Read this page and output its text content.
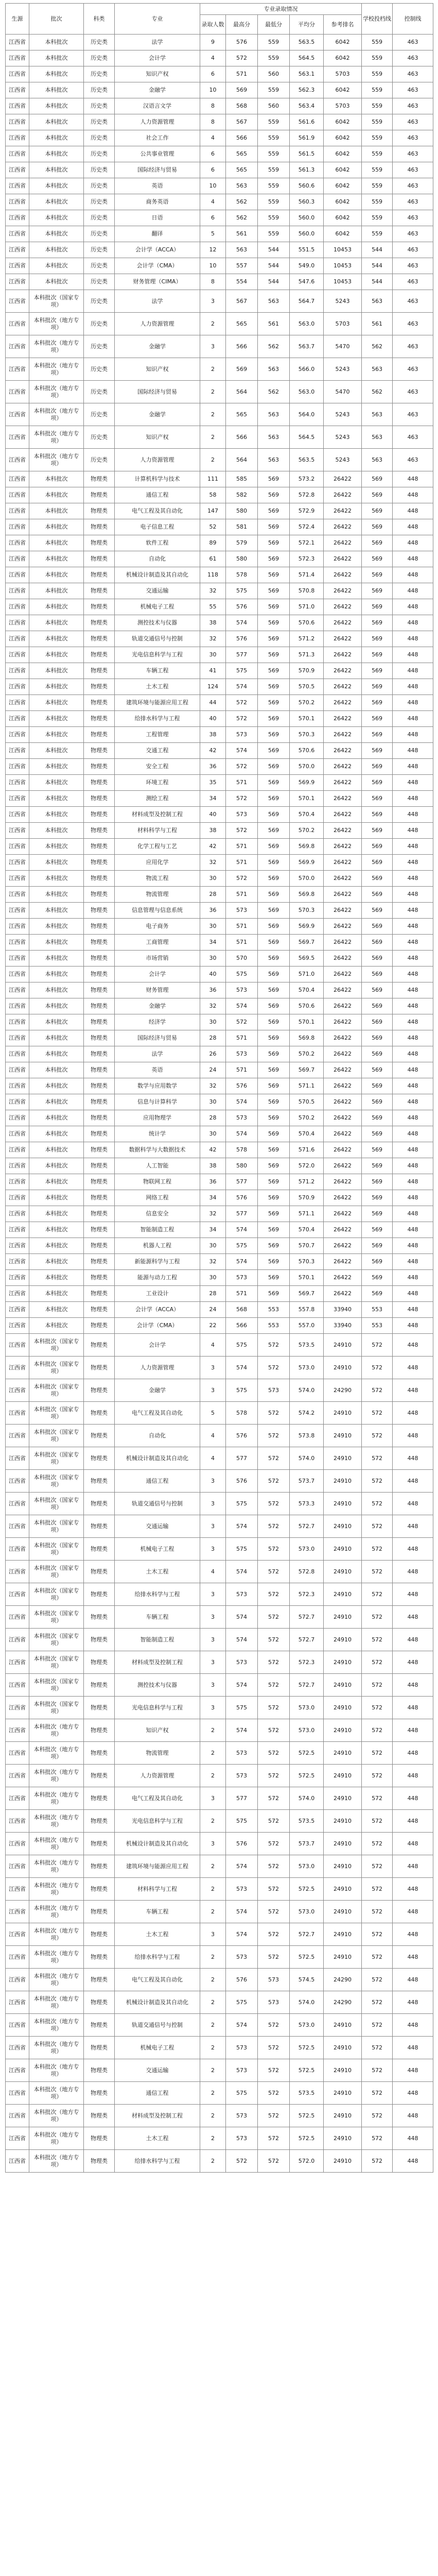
生源	批次	科类	专业	专业录取情况					学校投档线	控制线
				录取人数	最高分	最低分	平均分	参考排名		
江西省	本科批次	历史类	法学	9	576	559	563.5	6042	559	463
江西省	本科批次	历史类	会计学	4	572	559	564.5	6042	559	463
江西省	本科批次	历史类	知识产权	6	571	560	563.1	5703	559	463
江西省	本科批次	历史类	金融学	10	569	559	562.3	6042	559	463
江西省	本科批次	历史类	汉语言文学	8	568	560	563.4	5703	559	463
江西省	本科批次	历史类	人力资源管理	8	567	559	561.6	6042	559	463
江西省	本科批次	历史类	社会工作	4	566	559	561.9	6042	559	463
江西省	本科批次	历史类	公共事业管理	6	565	559	561.5	6042	559	463
江西省	本科批次	历史类	国际经济与贸易	6	565	559	561.3	6042	559	463
江西省	本科批次	历史类	英语	10	563	559	560.6	6042	559	463
江西省	本科批次	历史类	商务英语	4	562	559	560.3	6042	559	463
江西省	本科批次	历史类	日语	6	562	559	560.0	6042	559	463
江西省	本科批次	历史类	翻译	5	561	559	560.0	6042	559	463
江西省	本科批次	历史类	会计学（ACCA）	12	563	544	551.5	10453	544	463
江西省	本科批次	历史类	会计学（CMA）	10	557	544	549.0	10453	544	463
江西省	本科批次	历史类	财务管理（CIMA）	8	554	544	547.6	10453	544	463
江西省	本科批次（国家专项）	历史类	法学	3	567	563	564.7	5243	563	463
江西省	本科批次（地方专项）	历史类	人力资源管理	2	565	561	563.0	5703	561	463
江西省	本科批次（地方专项）	历史类	金融学	3	566	562	563.7	5470	562	463
江西省	本科批次（地方专项）	历史类	知识产权	2	569	563	566.0	5243	563	463
江西省	本科批次（地方专项）	历史类	国际经济与贸易	2	564	562	563.0	5470	562	463
江西省	本科批次（地方专项）	历史类	金融学	2	565	563	564.0	5243	563	463
江西省	本科批次（地方专项）	历史类	知识产权	2	566	563	564.5	5243	563	463
江西省	本科批次（地方专项）	历史类	人力资源管理	2	564	563	563.5	5243	563	463
江西省	本科批次	物理类	计算机科学与技术	111	585	569	573.2	26422	569	448
江西省	本科批次	物理类	通信工程	58	582	569	572.8	26422	569	448
江西省	本科批次	物理类	电气工程及其自动化	147	580	569	572.9	26422	569	448
江西省	本科批次	物理类	电子信息工程	52	581	569	572.4	26422	569	448
江西省	本科批次	物理类	软件工程	89	579	569	572.1	26422	569	448
江西省	本科批次	物理类	自动化	61	580	569	572.3	26422	569	448
江西省	本科批次	物理类	机械设计制造及其自动化	118	578	569	571.4	26422	569	448
江西省	本科批次	物理类	交通运输	32	575	569	570.8	26422	569	448
江西省	本科批次	物理类	机械电子工程	55	576	569	571.0	26422	569	448
江西省	本科批次	物理类	测控技术与仪器	38	574	569	570.6	26422	569	448
江西省	本科批次	物理类	轨道交通信号与控制	32	576	569	571.2	26422	569	448
江西省	本科批次	物理类	光电信息科学与工程	30	577	569	571.3	26422	569	448
江西省	本科批次	物理类	车辆工程	41	575	569	570.9	26422	569	448
江西省	本科批次	物理类	土木工程	124	574	569	570.5	26422	569	448
江西省	本科批次	物理类	建筑环境与能源应用工程	44	572	569	570.2	26422	569	448
江西省	本科批次	物理类	给排水科学与工程	40	572	569	570.1	26422	569	448
江西省	本科批次	物理类	工程管理	38	573	569	570.3	26422	569	448
江西省	本科批次	物理类	交通工程	42	574	569	570.6	26422	569	448
江西省	本科批次	物理类	安全工程	36	572	569	570.0	26422	569	448
江西省	本科批次	物理类	环境工程	35	571	569	569.9	26422	569	448
江西省	本科批次	物理类	测绘工程	34	572	569	570.1	26422	569	448
江西省	本科批次	物理类	材料成型及控制工程	40	573	569	570.4	26422	569	448
江西省	本科批次	物理类	材料科学与工程	38	572	569	570.2	26422	569	448
江西省	本科批次	物理类	化学工程与工艺	42	571	569	569.8	26422	569	448
江西省	本科批次	物理类	应用化学	32	571	569	569.9	26422	569	448
江西省	本科批次	物理类	物流工程	30	572	569	570.0	26422	569	448
江西省	本科批次	物理类	物流管理	28	571	569	569.8	26422	569	448
江西省	本科批次	物理类	信息管理与信息系统	36	573	569	570.3	26422	569	448
江西省	本科批次	物理类	电子商务	30	571	569	569.9	26422	569	448
江西省	本科批次	物理类	工商管理	34	571	569	569.7	26422	569	448
江西省	本科批次	物理类	市场营销	30	570	569	569.5	26422	569	448
江西省	本科批次	物理类	会计学	40	575	569	571.0	26422	569	448
江西省	本科批次	物理类	财务管理	36	573	569	570.4	26422	569	448
江西省	本科批次	物理类	金融学	32	574	569	570.6	26422	569	448
江西省	本科批次	物理类	经济学	30	572	569	570.1	26422	569	448
江西省	本科批次	物理类	国际经济与贸易	28	571	569	569.8	26422	569	448
江西省	本科批次	物理类	法学	26	573	569	570.2	26422	569	448
江西省	本科批次	物理类	英语	24	571	569	569.7	26422	569	448
江西省	本科批次	物理类	数学与应用数学	32	576	569	571.1	26422	569	448
江西省	本科批次	物理类	信息与计算科学	30	574	569	570.5	26422	569	448
江西省	本科批次	物理类	应用物理学	28	573	569	570.2	26422	569	448
江西省	本科批次	物理类	统计学	30	574	569	570.4	26422	569	448
江西省	本科批次	物理类	数据科学与大数据技术	42	578	569	571.6	26422	569	448
江西省	本科批次	物理类	人工智能	38	580	569	572.0	26422	569	448
江西省	本科批次	物理类	物联网工程	36	577	569	571.2	26422	569	448
江西省	本科批次	物理类	网络工程	34	576	569	570.9	26422	569	448
江西省	本科批次	物理类	信息安全	32	577	569	571.1	26422	569	448
江西省	本科批次	物理类	智能制造工程	34	574	569	570.4	26422	569	448
江西省	本科批次	物理类	机器人工程	30	575	569	570.7	26422	569	448
江西省	本科批次	物理类	新能源科学与工程	32	574	569	570.3	26422	569	448
江西省	本科批次	物理类	能源与动力工程	30	573	569	570.1	26422	569	448
江西省	本科批次	物理类	工业设计	28	571	569	569.7	26422	569	448
江西省	本科批次	物理类	会计学（ACCA）	24	568	553	557.8	33940	553	448
江西省	本科批次	物理类	会计学（CMA）	22	566	553	557.0	33940	553	448
江西省	本科批次（国家专项）	物理类	会计学	4	575	572	573.5	24910	572	448
江西省	本科批次（国家专项）	物理类	人力资源管理	3	574	572	573.0	24910	572	448
江西省	本科批次（国家专项）	物理类	金融学	3	575	573	574.0	24290	572	448
江西省	本科批次（国家专项）	物理类	电气工程及其自动化	5	578	572	574.2	24910	572	448
江西省	本科批次（国家专项）	物理类	自动化	4	576	572	573.8	24910	572	448
江西省	本科批次（国家专项）	物理类	机械设计制造及其自动化	4	577	572	574.0	24910	572	448
江西省	本科批次（国家专项）	物理类	通信工程	3	576	572	573.7	24910	572	448
江西省	本科批次（国家专项）	物理类	轨道交通信号与控制	3	575	572	573.3	24910	572	448
江西省	本科批次（国家专项）	物理类	交通运输	3	574	572	572.7	24910	572	448
江西省	本科批次（国家专项）	物理类	机械电子工程	3	575	572	573.0	24910	572	448
江西省	本科批次（国家专项）	物理类	土木工程	4	574	572	572.8	24910	572	448
江西省	本科批次（国家专项）	物理类	给排水科学与工程	3	573	572	572.3	24910	572	448
江西省	本科批次（国家专项）	物理类	车辆工程	3	574	572	572.7	24910	572	448
江西省	本科批次（国家专项）	物理类	智能制造工程	3	574	572	572.7	24910	572	448
江西省	本科批次（国家专项）	物理类	材料成型及控制工程	3	573	572	572.3	24910	572	448
江西省	本科批次（国家专项）	物理类	测控技术与仪器	3	574	572	572.7	24910	572	448
江西省	本科批次（国家专项）	物理类	光电信息科学与工程	3	575	572	573.0	24910	572	448
江西省	本科批次（地方专项）	物理类	知识产权	2	574	572	573.0	24910	572	448
江西省	本科批次（地方专项）	物理类	物流管理	2	573	572	572.5	24910	572	448
江西省	本科批次（地方专项）	物理类	人力资源管理	2	573	572	572.5	24910	572	448
江西省	本科批次（地方专项）	物理类	电气工程及其自动化	3	577	572	574.0	24910	572	448
江西省	本科批次（地方专项）	物理类	光电信息科学与工程	2	575	572	573.5	24910	572	448
江西省	本科批次（地方专项）	物理类	机械设计制造及其自动化	3	576	572	573.7	24910	572	448
江西省	本科批次（地方专项）	物理类	建筑环境与能源应用工程	2	574	572	573.0	24910	572	448
江西省	本科批次（地方专项）	物理类	材料科学与工程	2	573	572	572.5	24910	572	448
江西省	本科批次（地方专项）	物理类	车辆工程	2	574	572	573.0	24910	572	448
江西省	本科批次（地方专项）	物理类	土木工程	3	574	572	572.7	24910	572	448
江西省	本科批次（地方专项）	物理类	给排水科学与工程	2	573	572	572.5	24910	572	448
江西省	本科批次（地方专项）	物理类	电气工程及其自动化	2	576	573	574.5	24290	572	448
江西省	本科批次（地方专项）	物理类	机械设计制造及其自动化	2	575	573	574.0	24290	572	448
江西省	本科批次（地方专项）	物理类	轨道交通信号与控制	2	574	572	573.0	24910	572	448
江西省	本科批次（地方专项）	物理类	机械电子工程	2	573	572	572.5	24910	572	448
江西省	本科批次（地方专项）	物理类	交通运输	2	573	572	572.5	24910	572	448
江西省	本科批次（地方专项）	物理类	通信工程	2	575	572	573.5	24910	572	448
江西省	本科批次（地方专项）	物理类	材料成型及控制工程	2	573	572	572.5	24910	572	448
江西省	本科批次（地方专项）	物理类	土木工程	2	573	572	572.5	24910	572	448
江西省	本科批次（地方专项）	物理类	给排水科学与工程	2	572	572	572.0	24910	572	448
